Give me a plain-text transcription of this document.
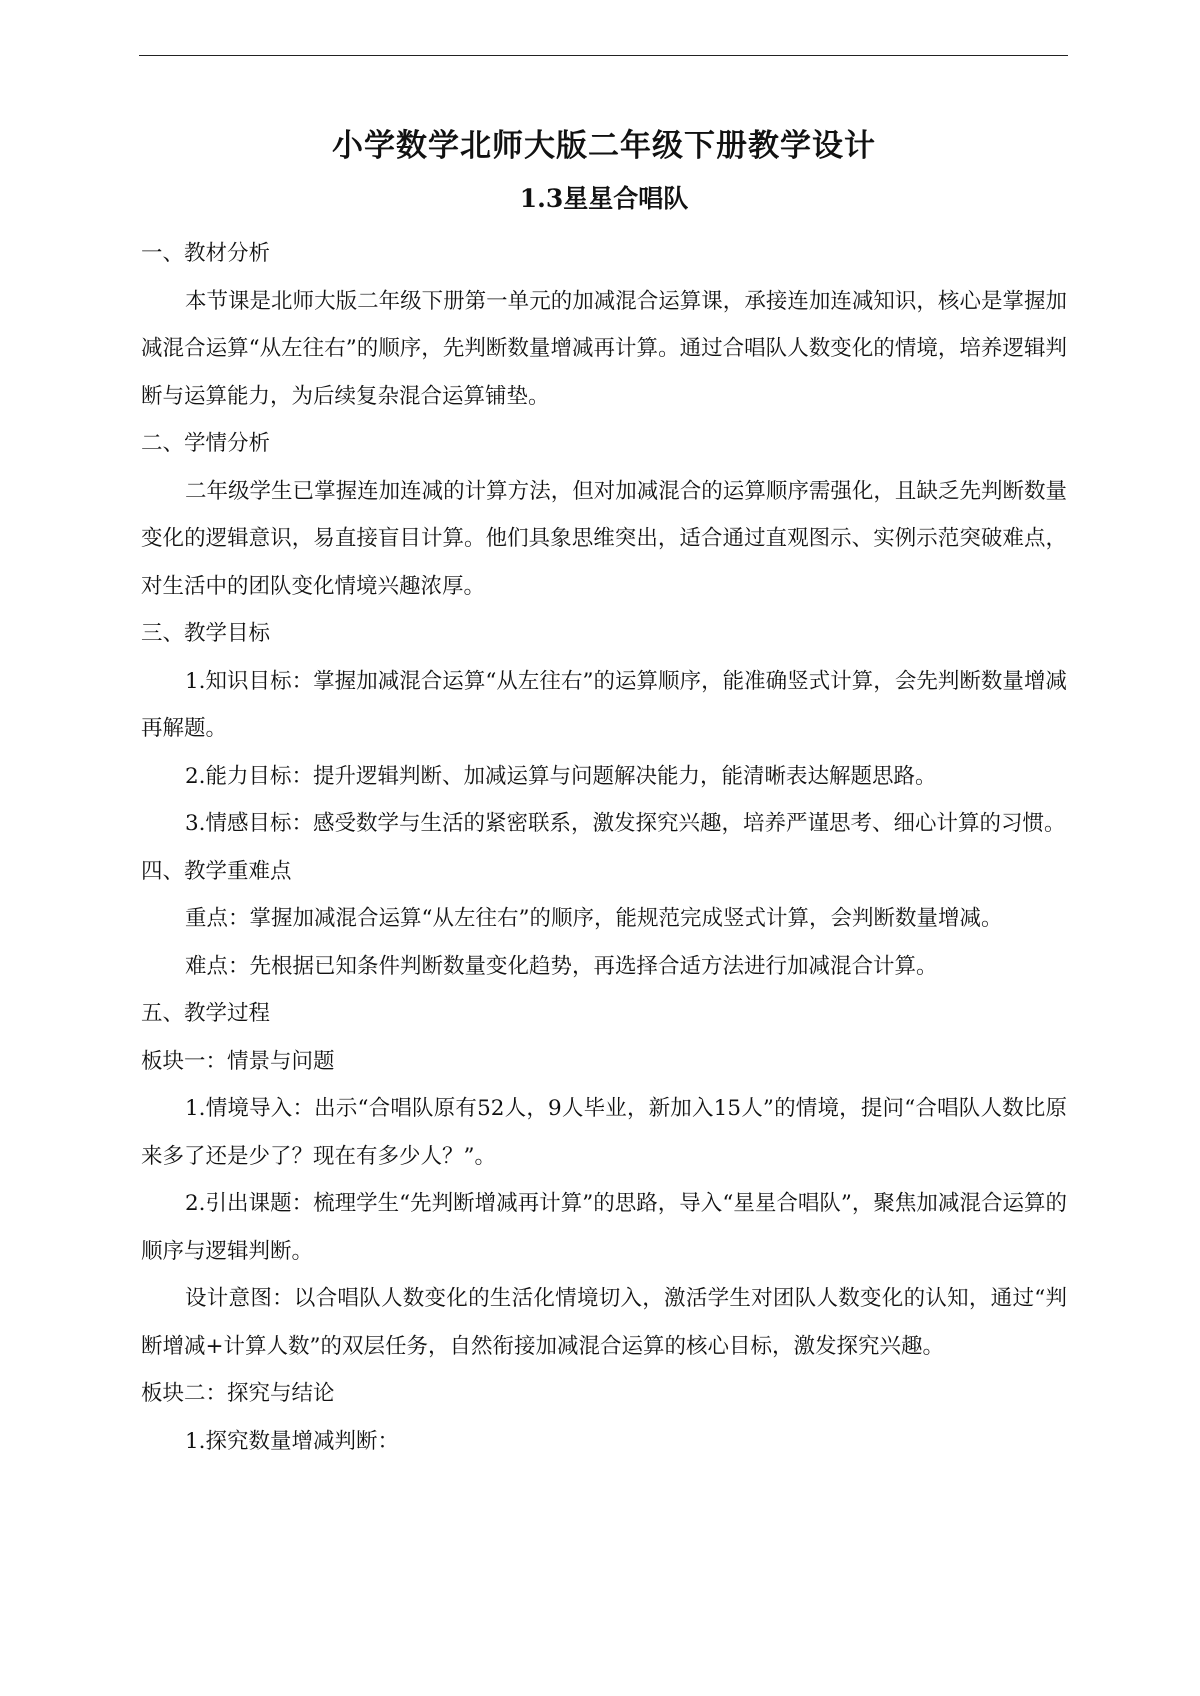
小学数学北师大版二年级下册教学设计
1.3星星合唱队

一、教材分析

本节课是北师大版二年级下册第一单元的加减混合运算课，承接连加连减知识，核心是掌握加减混合运算“从左往右”的顺序，先判断数量增减再计算。通过合唱队人数变化的情境，培养逻辑判断与运算能力，为后续复杂混合运算铺垫。

二、学情分析

二年级学生已掌握连加连减的计算方法，但对加减混合的运算顺序需强化，且缺乏先判断数量变化的逻辑意识，易直接盲目计算。他们具象思维突出，适合通过直观图示、实例示范突破难点，对生活中的团队变化情境兴趣浓厚。

三、教学目标

1.知识目标：掌握加减混合运算“从左往右”的运算顺序，能准确竖式计算，会先判断数量增减再解题。

2.能力目标：提升逻辑判断、加减运算与问题解决能力，能清晰表达解题思路。

3.情感目标：感受数学与生活的紧密联系，激发探究兴趣，培养严谨思考、细心计算的习惯。

四、教学重难点

重点：掌握加减混合运算“从左往右”的顺序，能规范完成竖式计算，会判断数量增减。

难点：先根据已知条件判断数量变化趋势，再选择合适方法进行加减混合计算。

五、教学过程

板块一：情景与问题

1.情境导入：出示“合唱队原有52人，9人毕业，新加入15人”的情境，提问“合唱队人数比原来多了还是少了？现在有多少人？”。

2.引出课题：梳理学生“先判断增减再计算”的思路，导入“星星合唱队”，聚焦加减混合运算的顺序与逻辑判断。

设计意图：以合唱队人数变化的生活化情境切入，激活学生对团队人数变化的认知，通过“判断增减+计算人数”的双层任务，自然衔接加减混合运算的核心目标，激发探究兴趣。

板块二：探究与结论

1.探究数量增减判断：
